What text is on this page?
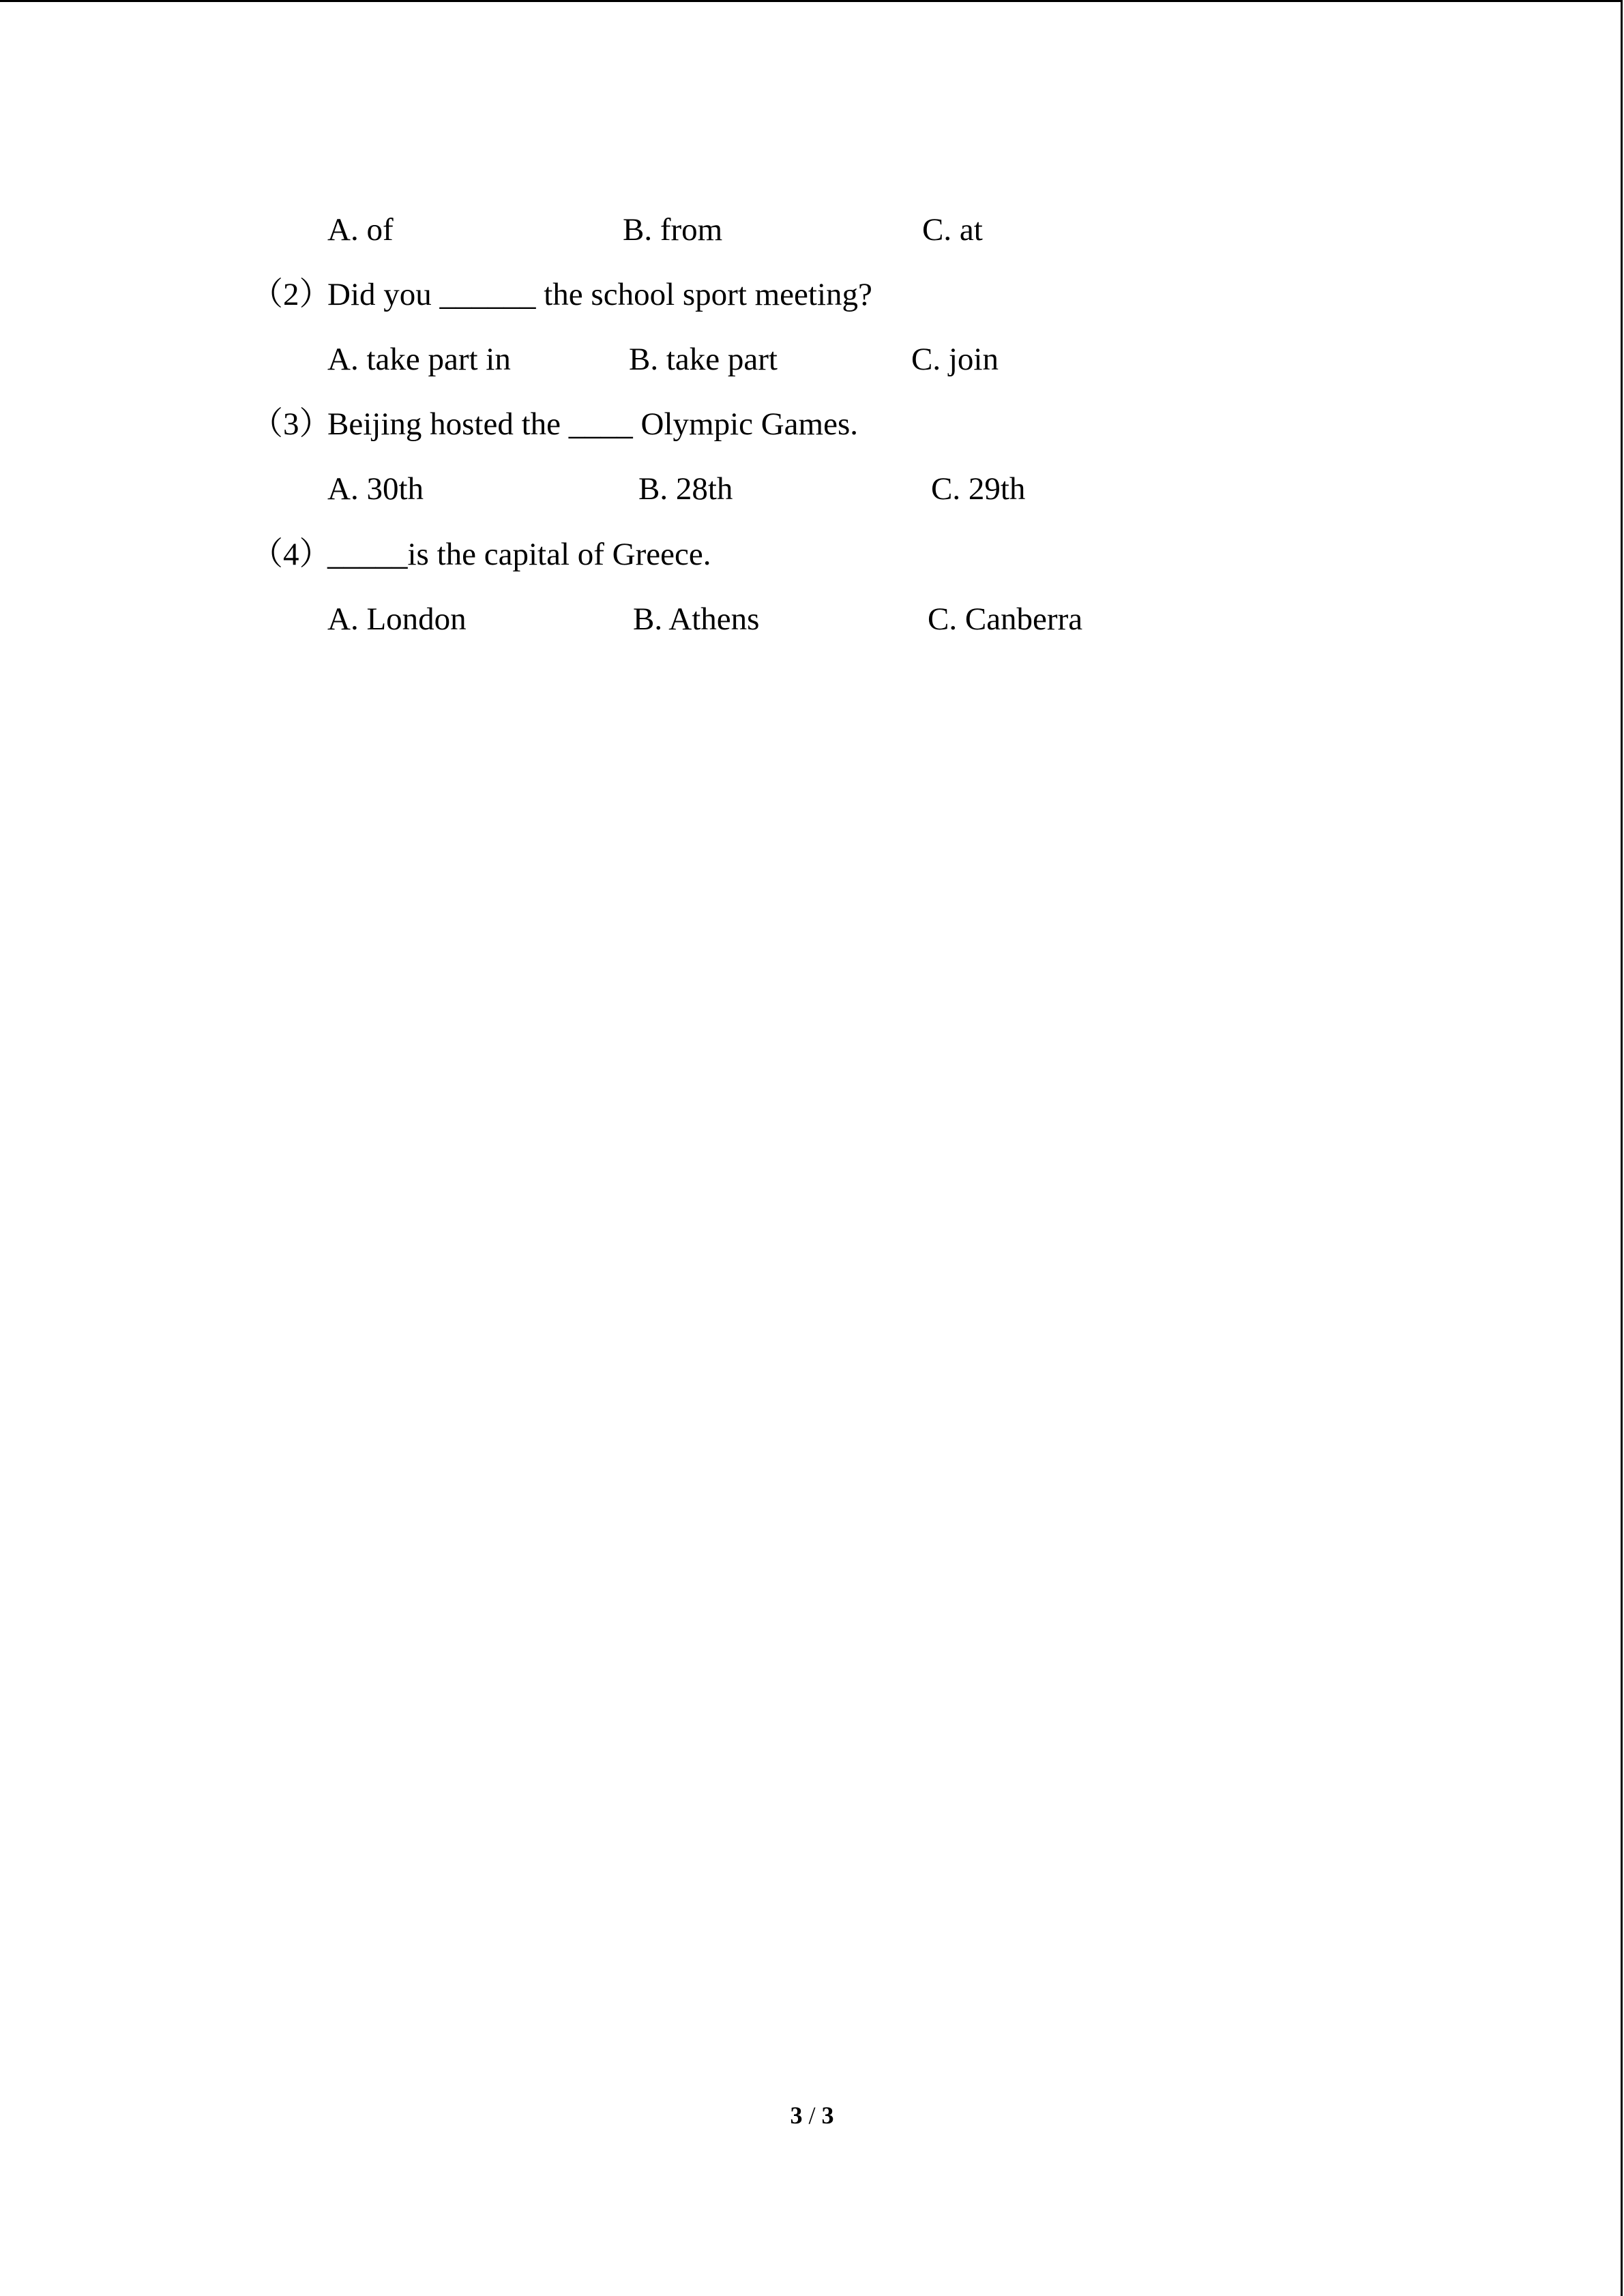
A. of	B. from	C. at
（2）
Did you ______ the school sport meeting?
A. take part in	B. take part	C. join
（3）
Beijing hosted the ____ Olympic Games.
A. 30th	B. 28th	C. 29th
（4）
_____is the capital of Greece.
A. London	B. Athens	C. Canberra
3 / 3
